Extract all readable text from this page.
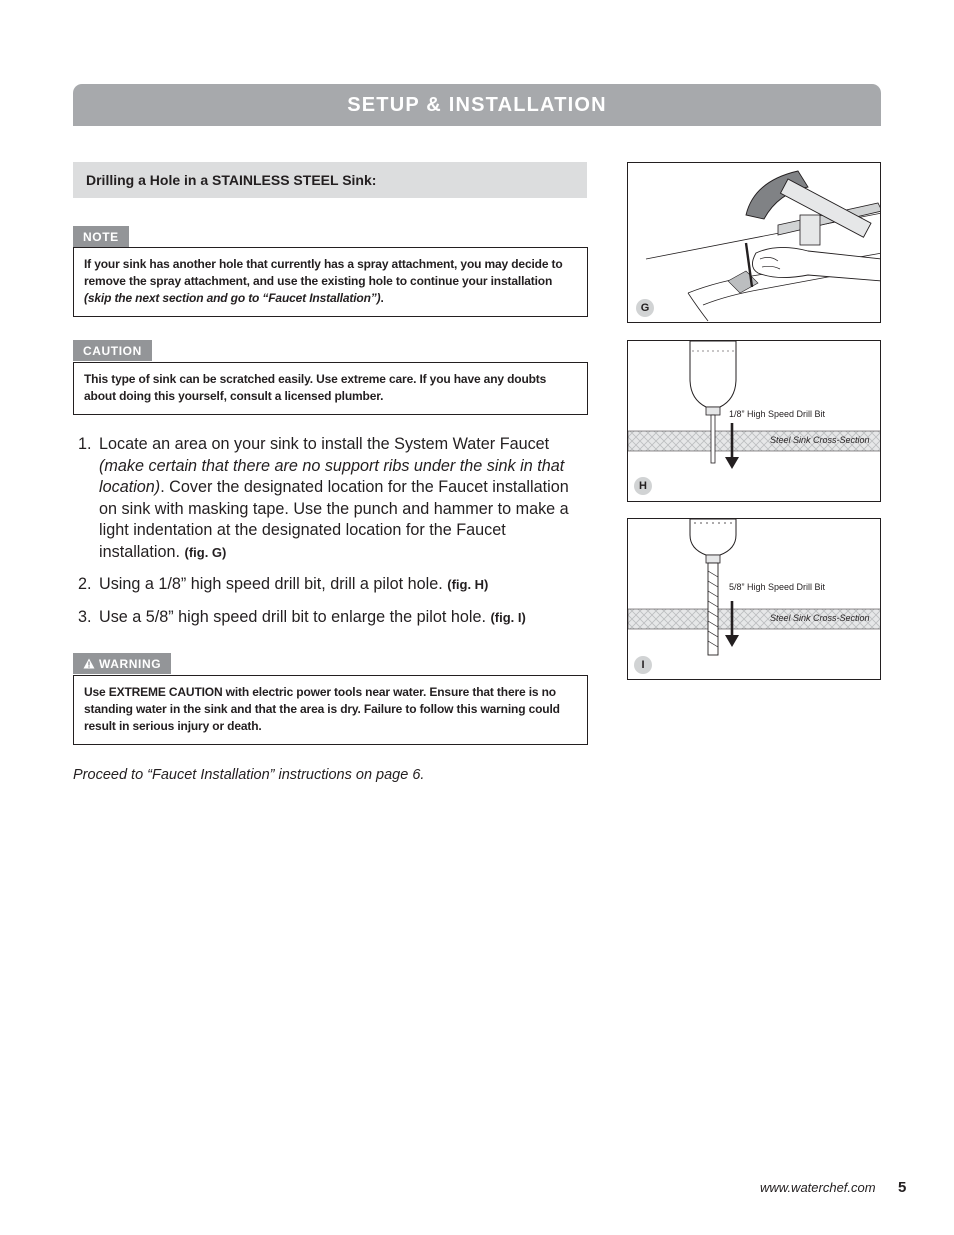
SETUP & INSTALLATION
Drilling a Hole in a STAINLESS STEEL Sink:
NOTE
If your sink has another hole that currently has a spray attachment, you may decide to remove the spray attachment, and use the existing hole to continue your installation (skip the next section and go to “Faucet Installation”).
CAUTION
This type of sink can be scratched easily. Use extreme care. If you have any doubts about doing this yourself, consult a licensed plumber.
1. Locate an area on your sink to install the System Water Faucet (make certain that there are no support ribs under the sink in that location). Cover the designated location for the Faucet installation on sink with masking tape. Use the punch and hammer to make a light indentation at the designated location for the Faucet installation. (fig. G)
2. Using a 1/8” high speed drill bit, drill a pilot hole. (fig. H)
3. Use a 5/8” high speed drill bit to enlarge the pilot hole. (fig. I)
WARNING
Use EXTREME CAUTION with electric power tools near water. Ensure that there is no standing water in the sink and that the area is dry. Failure to follow this warning could result in serious injury or death.
Proceed to “Faucet Installation” instructions on page 6.
G
1/8” High Speed Drill Bit
Steel Sink Cross-Section
H
5/8” High Speed Drill Bit
Steel Sink Cross-Section
I
www.waterchef.com 5
